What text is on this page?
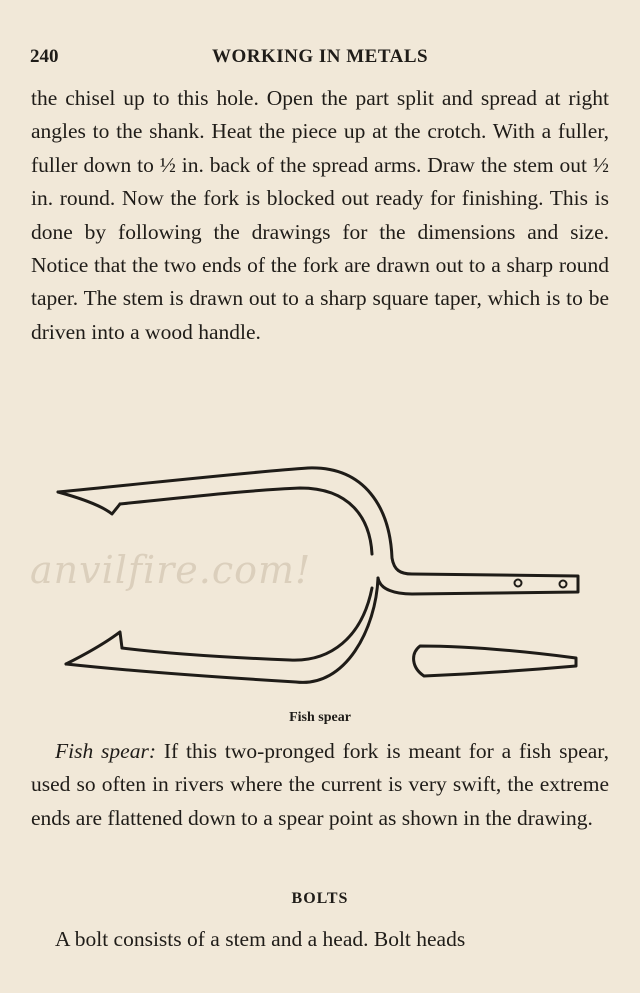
240	WORKING IN METALS

the chisel up to this hole. Open the part split and spread at right angles to the shank. Heat the piece up at the crotch. With a fuller, fuller down to ½ in. back of the spread arms. Draw the stem out ½ in. round. Now the fork is blocked out ready for finishing. This is done by following the drawings for the dimensions and size. Notice that the two ends of the fork are drawn out to a sharp round taper. The stem is drawn out to a sharp square taper, which is to be driven into a wood handle.

anvilfire.com!
Fish spear

Fish spear: If this two-pronged fork is meant for a fish spear, used so often in rivers where the current is very swift, the extreme ends are flattened down to a spear point as shown in the drawing.

BOLTS

A bolt consists of a stem and a head. Bolt heads
